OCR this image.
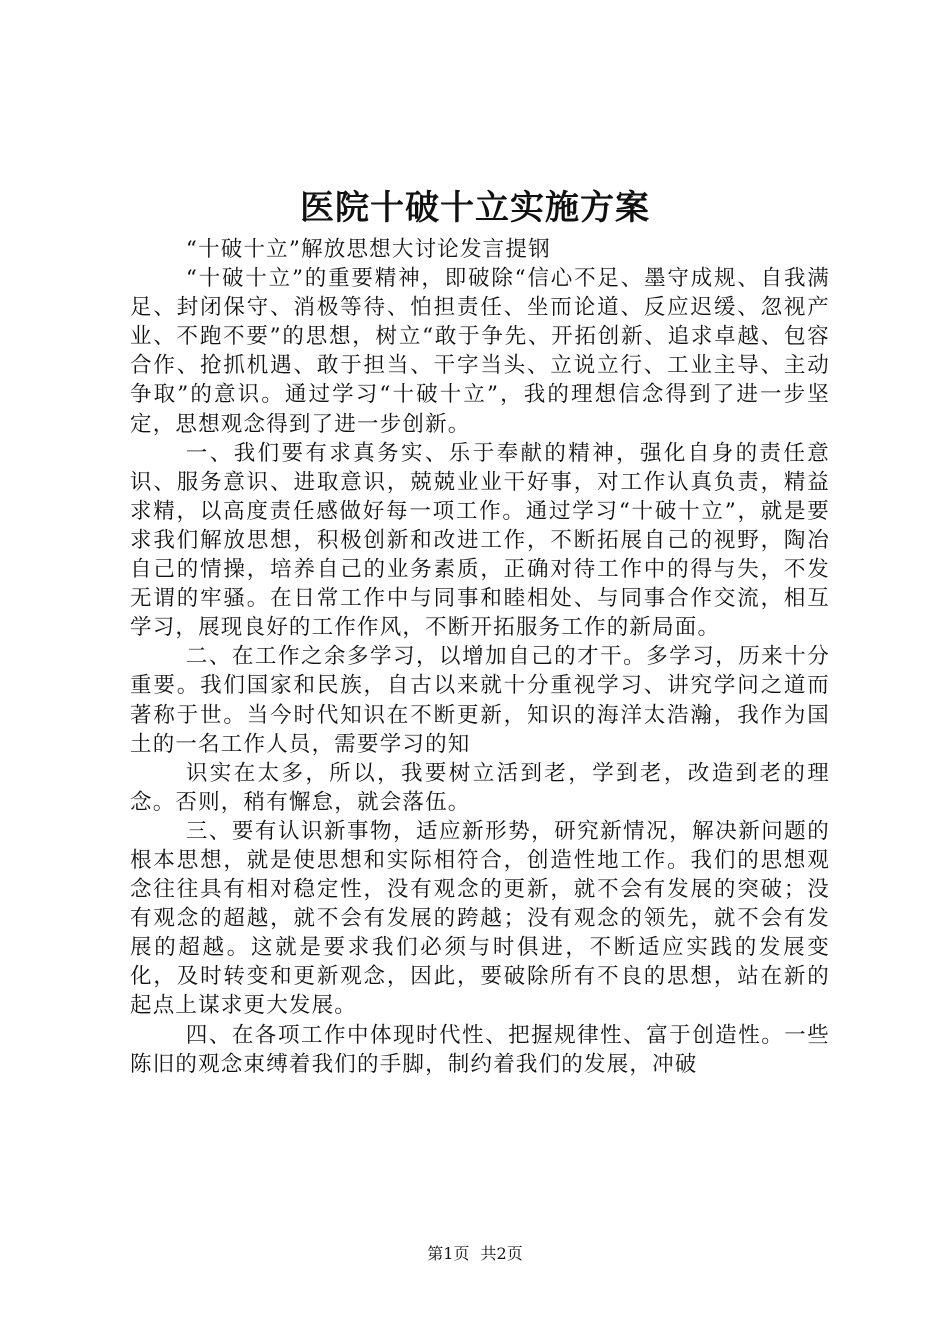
医院十破十立实施方案

“十破十立”解放思想大讨论发言提钢

“十破十立”的重要精神，即破除“信心不足、墨守成规、自我满足、封闭保守、消极等待、怕担责任、坐而论道、反应迟缓、忽视产业、不跑不要”的思想，树立“敢于争先、开拓创新、追求卓越、包容合作、抢抓机遇、敢于担当、干字当头、立说立行、工业主导、主动争取”的意识。通过学习“十破十立”，我的理想信念得到了进一步坚定，思想观念得到了进一步创新。

一、我们要有求真务实、乐于奉献的精神，强化自身的责任意识、服务意识、进取意识，兢兢业业干好事，对工作认真负责，精益求精，以高度责任感做好每一项工作。通过学习“十破十立”，就是要求我们解放思想，积极创新和改进工作，不断拓展自己的视野，陶冶自己的情操，培养自己的业务素质，正确对待工作中的得与失，不发无谓的牢骚。在日常工作中与同事和睦相处、与同事合作交流，相互学习，展现良好的工作作风，不断开拓服务工作的新局面。

二、在工作之余多学习，以增加自己的才干。多学习，历来十分重要。我们国家和民族，自古以来就十分重视学习、讲究学问之道而著称于世。当今时代知识在不断更新，知识的海洋太浩瀚，我作为国土的一名工作人员，需要学习的知

识实在太多，所以，我要树立活到老，学到老，改造到老的理念。否则，稍有懈怠，就会落伍。

三、要有认识新事物，适应新形势，研究新情况，解决新问题的根本思想，就是使思想和实际相符合，创造性地工作。我们的思想观念往往具有相对稳定性，没有观念的更新，就不会有发展的突破；没有观念的超越，就不会有发展的跨越；没有观念的领先，就不会有发展的超越。这就是要求我们必须与时俱进，不断适应实践的发展变化，及时转变和更新观念，因此，要破除所有不良的思想，站在新的起点上谋求更大发展。

四、在各项工作中体现时代性、把握规律性、富于创造性。一些陈旧的观念束缚着我们的手脚，制约着我们的发展，冲破

第1页 共2页
